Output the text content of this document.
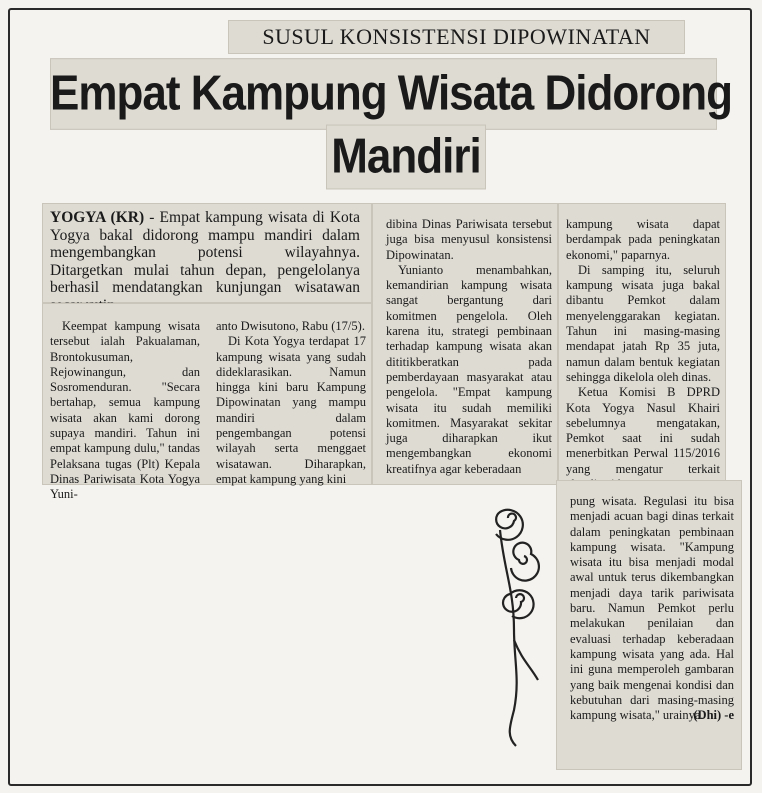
SUSUL KONSISTENSI DIPOWINATAN
Empat Kampung Wisata Didorong
Mandiri
YOGYA (KR) - Empat kampung wisata di Kota Yogya bakal didorong mampu mandiri dalam mengembangkan potensi wilayahnya. Ditargetkan mulai tahun depan, pengelolanya berhasil mendatangkan kunjungan wisatawan

Keempat kampung wisata tersebut ialah Pakualaman, Brontokusuman, Rejowinangun, dan Sosromenduran. "Secara bertahap, semua kampung wisata akan kami dorong supaya mandiri. Tahun ini empat kampung dulu," tandas Pelaksana tugas (Plt) Kepala Dinas Pariwisata Kota Yogya Yuni-

anto Dwisutono, Rabu (17/5).

Di Kota Yogya terdapat 17 kampung wisata yang sudah dideklarasikan. Namun hingga kini baru Kampung Dipowinatan yang mampu mandiri dalam pengembangan potensi wilayah serta menggaet wisatawan. Diharapkan, empat kampung yang kini

dibina Dinas Pariwisata tersebut juga bisa menyusul konsistensi Dipowinatan.

Yunianto menambahkan, kemandirian kampung wisata sangat bergantung dari komitmen pengelola. Oleh karena itu, strategi pembinaan terhadap kampung wisata akan dititikberatkan pada pemberdayaan masyarakat atau pengelola. "Empat kampung wisata itu sudah memiliki komitmen. Masyarakat sekitar juga diharapkan ikut mengembangkan ekonomi kreatifnya agar keberadaan

kampung wisata dapat berdampak pada peningkatan ekonomi," paparnya.

Di samping itu, seluruh kampung wisata juga bakal dibantu Pemkot dalam menyelenggarakan kegiatan. Tahun ini masing-masing mendapat jatah Rp 35 juta, namun dalam bentuk kegiatan sehingga dikelola oleh dinas.

Ketua Komisi B DPRD Kota Yogya Nasul Khairi sebelumnya mengatakan, Pemkot saat ini sudah menerbitkan Perwal 115/2016 yang mengatur terkait

pung wisata. Regulasi itu bisa menjadi acuan bagi dinas terkait dalam peningkatan pembinaan kampung wisata. "Kampung wisata itu bisa menjadi modal awal untuk terus dikembangkan menjadi daya tarik pariwisata baru. Namun Pemkot perlu melakukan penilaian dan evaluasi terhadap keberadaan kampung wisata yang ada. Hal ini guna memperoleh gambaran yang baik mengenai kondisi dan kebutuhan dari masing-masing kampung wisata," urainya.

(Dhi) -e
